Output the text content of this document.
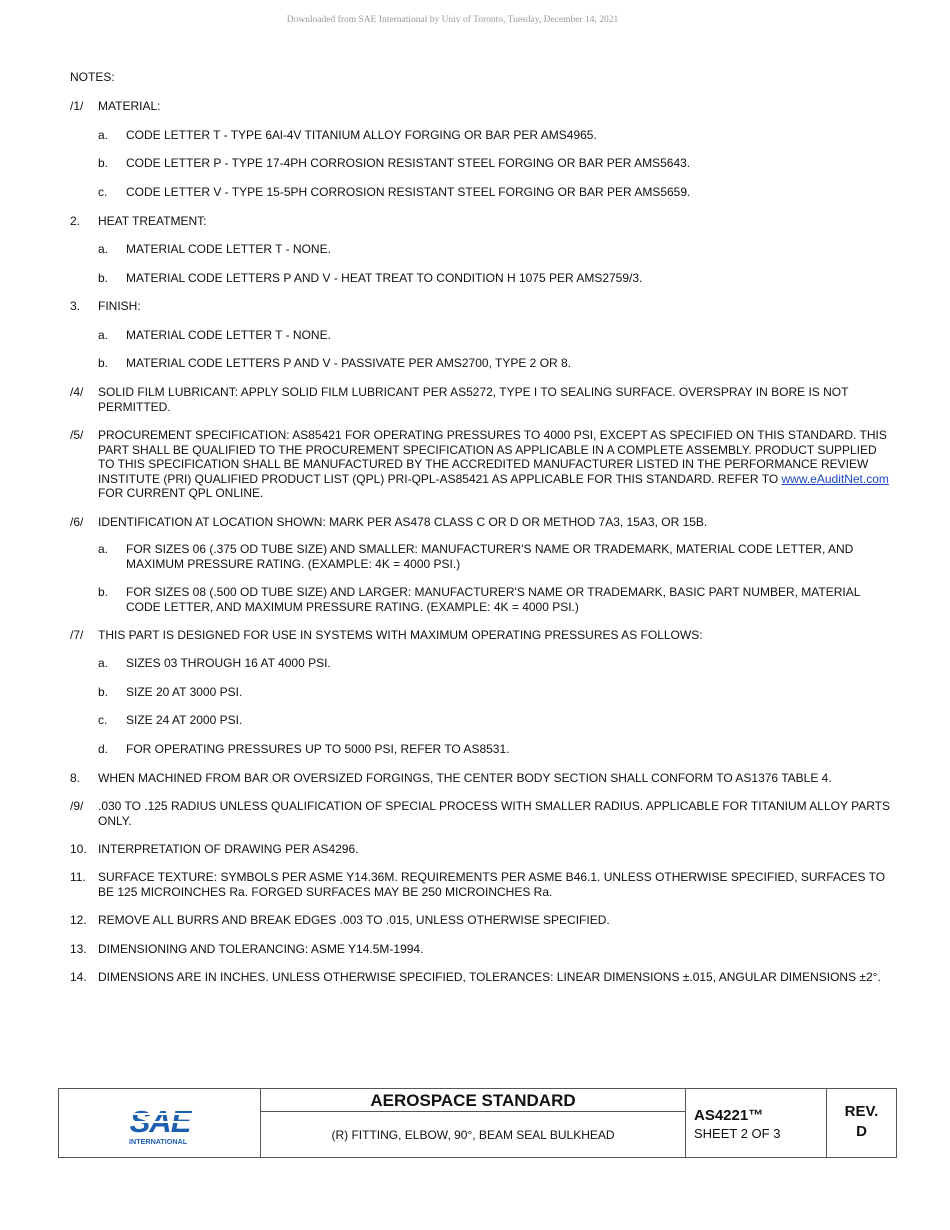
Downloaded from SAE International by Univ of Toronto, Tuesday, December 14, 2021
NOTES:
/1/ MATERIAL:
a. CODE LETTER T - TYPE 6Al-4V TITANIUM ALLOY FORGING OR BAR PER AMS4965.
b. CODE LETTER P - TYPE 17-4PH CORROSION RESISTANT STEEL FORGING OR BAR PER AMS5643.
c. CODE LETTER V - TYPE 15-5PH CORROSION RESISTANT STEEL FORGING OR BAR PER AMS5659.
2. HEAT TREATMENT:
a. MATERIAL CODE LETTER T - NONE.
b. MATERIAL CODE LETTERS P AND V - HEAT TREAT TO CONDITION H 1075 PER AMS2759/3.
3. FINISH:
a. MATERIAL CODE LETTER T - NONE.
b. MATERIAL CODE LETTERS P AND V - PASSIVATE PER AMS2700, TYPE 2 OR 8.
/4/ SOLID FILM LUBRICANT: APPLY SOLID FILM LUBRICANT PER AS5272, TYPE I TO SEALING SURFACE. OVERSPRAY IN BORE IS NOT PERMITTED.
/5/ PROCUREMENT SPECIFICATION: AS85421 FOR OPERATING PRESSURES TO 4000 PSI, EXCEPT AS SPECIFIED ON THIS STANDARD. THIS PART SHALL BE QUALIFIED TO THE PROCUREMENT SPECIFICATION AS APPLICABLE IN A COMPLETE ASSEMBLY. PRODUCT SUPPLIED TO THIS SPECIFICATION SHALL BE MANUFACTURED BY THE ACCREDITED MANUFACTURER LISTED IN THE PERFORMANCE REVIEW INSTITUTE (PRI) QUALIFIED PRODUCT LIST (QPL) PRI-QPL-AS85421 AS APPLICABLE FOR THIS STANDARD. REFER TO www.eAuditNet.com FOR CURRENT QPL ONLINE.
/6/ IDENTIFICATION AT LOCATION SHOWN: MARK PER AS478 CLASS C OR D OR METHOD 7A3, 15A3, OR 15B.
a. FOR SIZES 06 (.375 OD TUBE SIZE) AND SMALLER: MANUFACTURER'S NAME OR TRADEMARK, MATERIAL CODE LETTER, AND MAXIMUM PRESSURE RATING. (EXAMPLE: 4K = 4000 PSI.)
b. FOR SIZES 08 (.500 OD TUBE SIZE) AND LARGER: MANUFACTURER'S NAME OR TRADEMARK, BASIC PART NUMBER, MATERIAL CODE LETTER, AND MAXIMUM PRESSURE RATING. (EXAMPLE: 4K = 4000 PSI.)
/7/ THIS PART IS DESIGNED FOR USE IN SYSTEMS WITH MAXIMUM OPERATING PRESSURES AS FOLLOWS:
a. SIZES 03 THROUGH 16 AT 4000 PSI.
b. SIZE 20 AT 3000 PSI.
c. SIZE 24 AT 2000 PSI.
d. FOR OPERATING PRESSURES UP TO 5000 PSI, REFER TO AS8531.
8. WHEN MACHINED FROM BAR OR OVERSIZED FORGINGS, THE CENTER BODY SECTION SHALL CONFORM TO AS1376 TABLE 4.
/9/ .030 TO .125 RADIUS UNLESS QUALIFICATION OF SPECIAL PROCESS WITH SMALLER RADIUS. APPLICABLE FOR TITANIUM ALLOY PARTS ONLY.
10. INTERPRETATION OF DRAWING PER AS4296.
11. SURFACE TEXTURE: SYMBOLS PER ASME Y14.36M. REQUIREMENTS PER ASME B46.1. UNLESS OTHERWISE SPECIFIED, SURFACES TO BE 125 MICROINCHES Ra. FORGED SURFACES MAY BE 250 MICROINCHES Ra.
12. REMOVE ALL BURRS AND BREAK EDGES .003 TO .015, UNLESS OTHERWISE SPECIFIED.
13. DIMENSIONING AND TOLERANCING: ASME Y14.5M-1994.
14. DIMENSIONS ARE IN INCHES. UNLESS OTHERWISE SPECIFIED, TOLERANCES: LINEAR DIMENSIONS ±.015, ANGULAR DIMENSIONS ±2°.
SAE
INTERNATIONAL
AEROSPACE STANDARD
(R) FITTING, ELBOW, 90°, BEAM SEAL BULKHEAD
AS4221™
SHEET 2 OF 3
REV.
D
